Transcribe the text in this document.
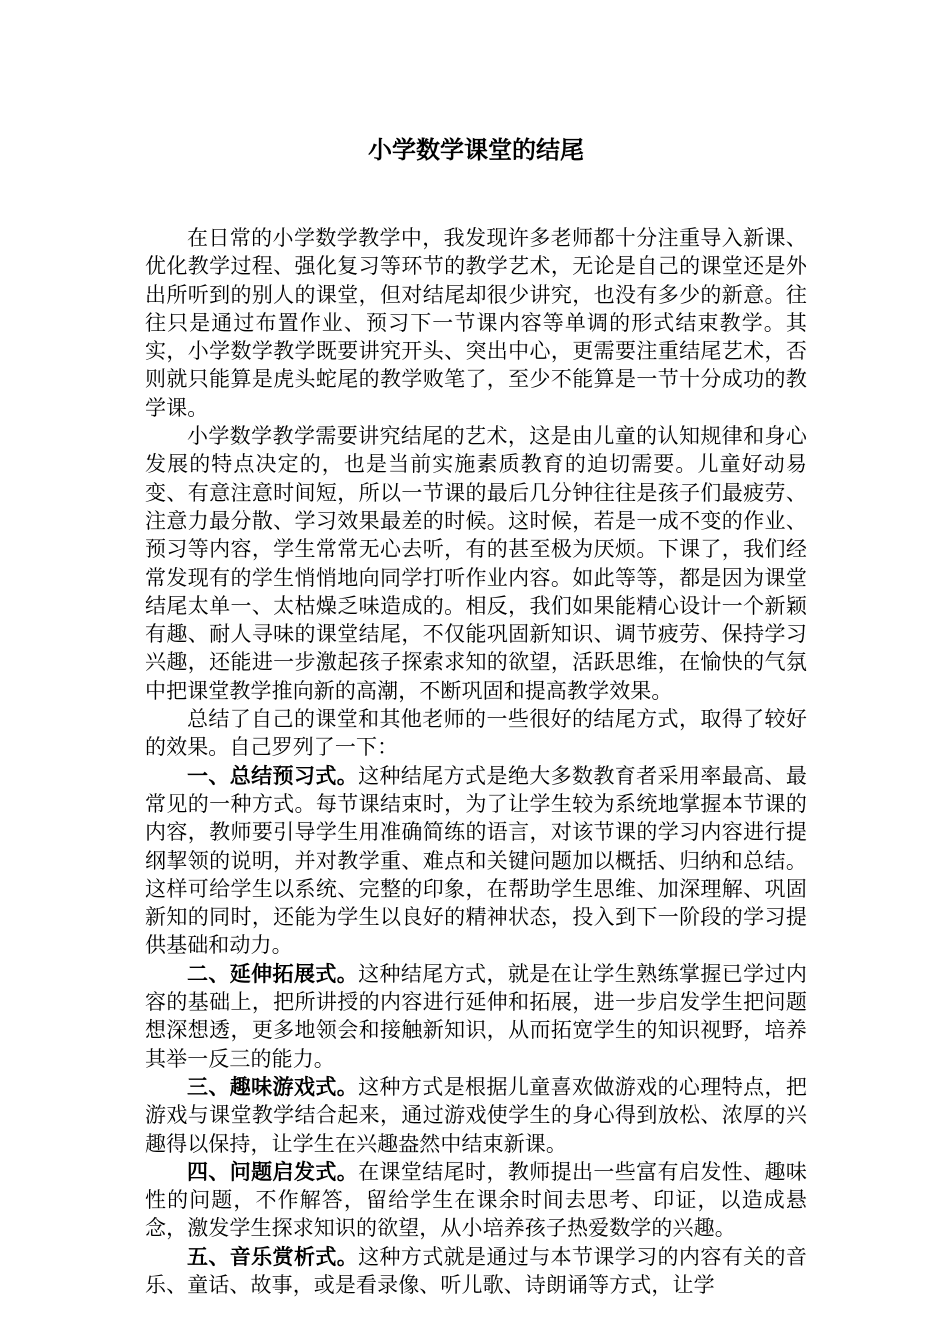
小学数学课堂的结尾

在日常的小学数学教学中，我发现许多老师都十分注重导入新课、优化教学过程、强化复习等环节的教学艺术，无论是自己的课堂还是外出所听到的别人的课堂，但对结尾却很少讲究，也没有多少的新意。往往只是通过布置作业、预习下一节课内容等单调的形式结束教学。其实，小学数学教学既要讲究开头、突出中心，更需要注重结尾艺术，否则就只能算是虎头蛇尾的教学败笔了，至少不能算是一节十分成功的教学课。

小学数学教学需要讲究结尾的艺术，这是由儿童的认知规律和身心发展的特点决定的，也是当前实施素质教育的迫切需要。儿童好动易变、有意注意时间短，所以一节课的最后几分钟往往是孩子们最疲劳、注意力最分散、学习效果最差的时候。这时候，若是一成不变的作业、预习等内容，学生常常无心去听，有的甚至极为厌烦。下课了，我们经常发现有的学生悄悄地向同学打听作业内容。如此等等，都是因为课堂结尾太单一、太枯燥乏味造成的。相反，我们如果能精心设计一个新颖有趣、耐人寻味的课堂结尾，不仅能巩固新知识、调节疲劳、保持学习兴趣，还能进一步激起孩子探索求知的欲望，活跃思维，在愉快的气氛中把课堂教学推向新的高潮，不断巩固和提高教学效果。

总结了自己的课堂和其他老师的一些很好的结尾方式，取得了较好的效果。自己罗列了一下：

一、总结预习式。这种结尾方式是绝大多数教育者采用率最高、最常见的一种方式。每节课结束时，为了让学生较为系统地掌握本节课的内容，教师要引导学生用准确简练的语言，对该节课的学习内容进行提纲挈领的说明，并对教学重、难点和关键问题加以概括、归纳和总结。这样可给学生以系统、完整的印象，在帮助学生思维、加深理解、巩固新知的同时，还能为学生以良好的精神状态，投入到下一阶段的学习提供基础和动力。

二、延伸拓展式。这种结尾方式，就是在让学生熟练掌握已学过内容的基础上，把所讲授的内容进行延伸和拓展，进一步启发学生把问题想深想透，更多地领会和接触新知识，从而拓宽学生的知识视野，培养其举一反三的能力。

三、趣味游戏式。这种方式是根据儿童喜欢做游戏的心理特点，把游戏与课堂教学结合起来，通过游戏使学生的身心得到放松、浓厚的兴趣得以保持，让学生在兴趣盎然中结束新课。

四、问题启发式。在课堂结尾时，教师提出一些富有启发性、趣味性的问题，不作解答，留给学生在课余时间去思考、印证，以造成悬念，激发学生探求知识的欲望，从小培养孩子热爱数学的兴趣。

五、音乐赏析式。这种方式就是通过与本节课学习的内容有关的音乐、童话、故事，或是看录像、听儿歌、诗朗诵等方式，让学
